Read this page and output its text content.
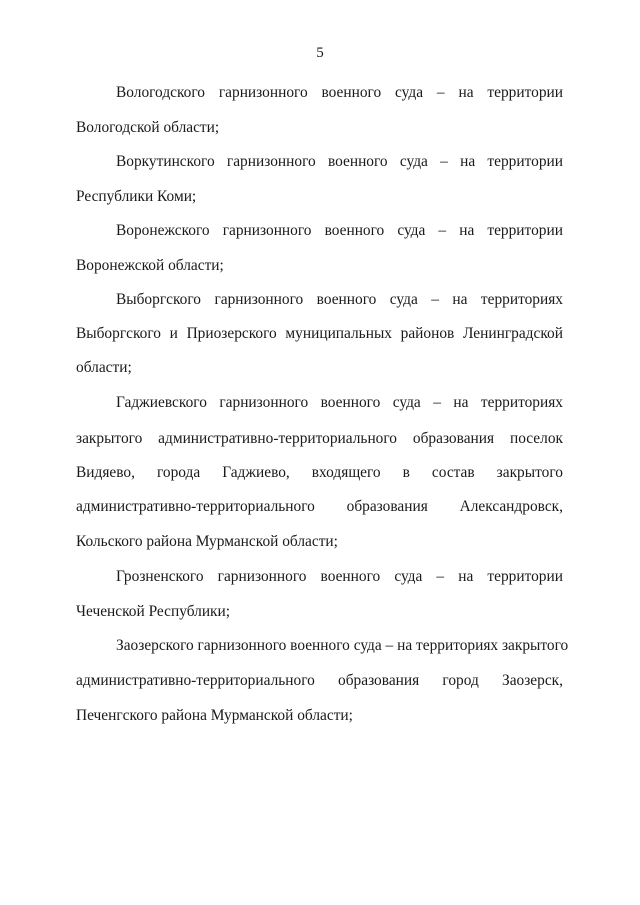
5
Вологодского гарнизонного военного суда – на территории
Вологодской области;
Воркутинского гарнизонного военного суда – на территории
Республики Коми;
Воронежского гарнизонного военного суда – на территории
Воронежской области;
Выборгского гарнизонного военного суда – на территориях
Выборгского и Приозерского муниципальных районов Ленинградской
области;
Гаджиевского гарнизонного военного суда – на территориях
закрытого административно-территориального образования поселок
Видяево, города Гаджиево, входящего в состав закрытого
административно-территориального образования Александровск,
Кольского района Мурманской области;
Грозненского гарнизонного военного суда – на территории
Чеченской Республики;
Заозерского гарнизонного военного суда – на территориях закрытого
административно-территориального образования город Заозерск,
Печенгского района Мурманской области;
